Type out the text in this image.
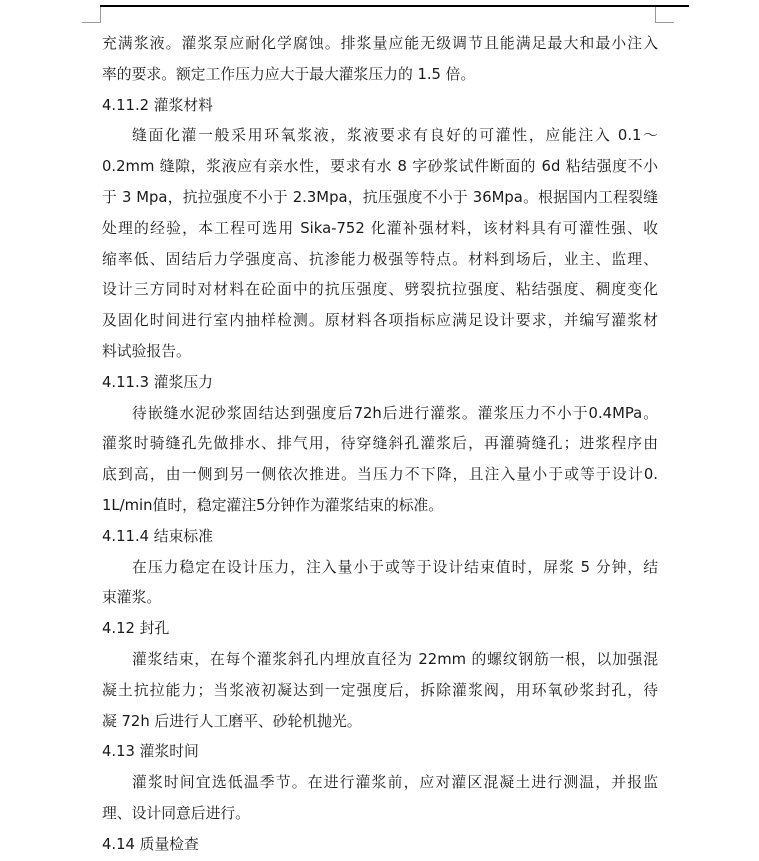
充满浆液。灌浆泵应耐化学腐蚀。排浆量应能无级调节且能满足最大和最小注入
率的要求。额定工作压力应大于最大灌浆压力的 1.5 倍。
4.11.2 灌浆材料
缝面化灌一般采用环氧浆液，浆液要求有良好的可灌性，应能注入 0.1～
0.2mm 缝隙，浆液应有亲水性，要求有水 8 字砂浆试件断面的 6d 粘结强度不小
于 3 Mpa，抗拉强度不小于 2.3Mpa，抗压强度不小于 36Mpa。根据国内工程裂缝
处理的经验，本工程可选用 Sika-752 化灌补强材料，该材料具有可灌性强、收
缩率低、固结后力学强度高、抗渗能力极强等特点。材料到场后，业主、监理、
设计三方同时对材料在砼面中的抗压强度、劈裂抗拉强度、粘结强度、稠度变化
及固化时间进行室内抽样检测。原材料各项指标应满足设计要求，并编写灌浆材
料试验报告。
4.11.3 灌浆压力
待嵌缝水泥砂浆固结达到强度后72h后进行灌浆。灌浆压力不小于0.4MPa。
灌浆时骑缝孔先做排水、排气用，待穿缝斜孔灌浆后，再灌骑缝孔；进浆程序由
底到高，由一侧到另一侧依次推进。当压力不下降，且注入量小于或等于设计0.
1L/min值时，稳定灌注5分钟作为灌浆结束的标准。
4.11.4 结束标准
在压力稳定在设计压力，注入量小于或等于设计结束值时，屏浆 5 分钟，结
束灌浆。
4.12 封孔
灌浆结束，在每个灌浆斜孔内埋放直径为 22mm 的螺纹钢筋一根，以加强混
凝土抗拉能力；当浆液初凝达到一定强度后，拆除灌浆阀，用环氧砂浆封孔，待
凝 72h 后进行人工磨平、砂轮机抛光。
4.13 灌浆时间
灌浆时间宜选低温季节。在进行灌浆前，应对灌区混凝土进行测温，并报监
理、设计同意后进行。
4.14 质量检查
